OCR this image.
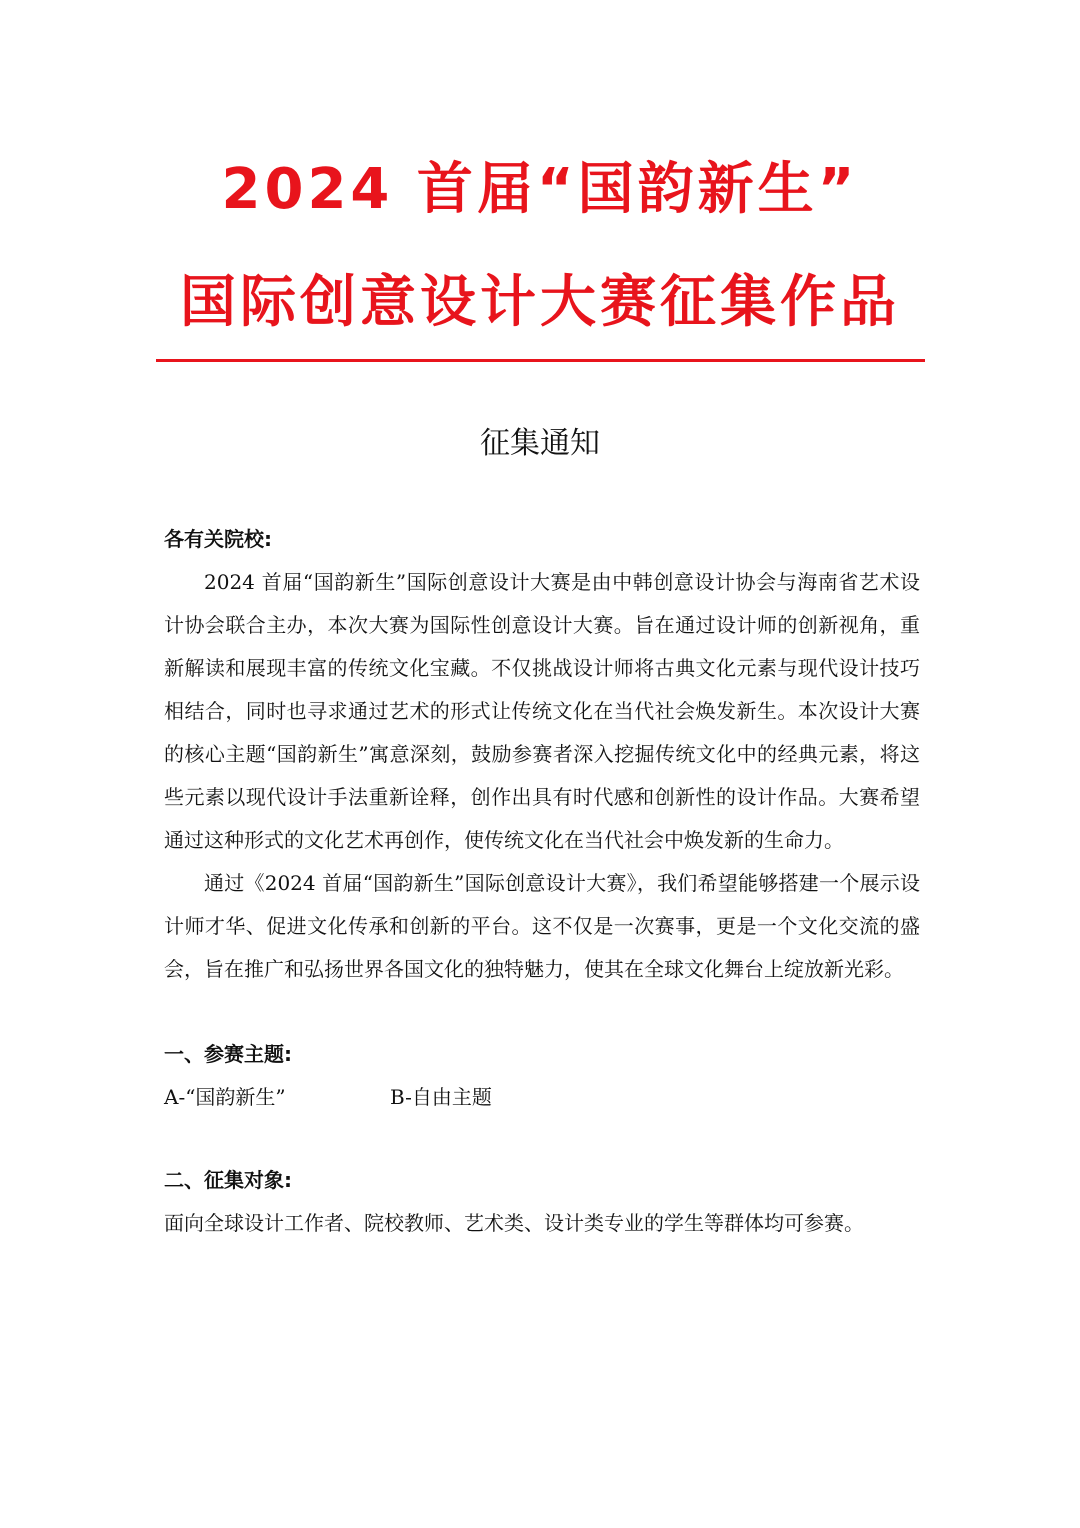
2024 首届“国韵新生”
国际创意设计大赛征集作品
征集通知

各有关院校:

2024 首届“国韵新生”国际创意设计大赛是由中韩创意设计协会与海南省艺术设计协会联合主办，本次大赛为国际性创意设计大赛。旨在通过设计师的创新视角，重新解读和展现丰富的传统文化宝藏。不仅挑战设计师将古典文化元素与现代设计技巧相结合，同时也寻求通过艺术的形式让传统文化在当代社会焕发新生。本次设计大赛的核心主题“国韵新生”寓意深刻，鼓励参赛者深入挖掘传统文化中的经典元素，将这些元素以现代设计手法重新诠释，创作出具有时代感和创新性的设计作品。大赛希望通过这种形式的文化艺术再创作，使传统文化在当代社会中焕发新的生命力。

通过《2024 首届“国韵新生”国际创意设计大赛》，我们希望能够搭建一个展示设计师才华、促进文化传承和创新的平台。这不仅是一次赛事，更是一个文化交流的盛会，旨在推广和弘扬世界各国文化的独特魅力，使其在全球文化舞台上绽放新光彩。

一、参赛主题:

A-“国韵新生”	B-自由主题

二、征集对象:

面向全球设计工作者、院校教师、艺术类、设计类专业的学生等群体均可参赛。
